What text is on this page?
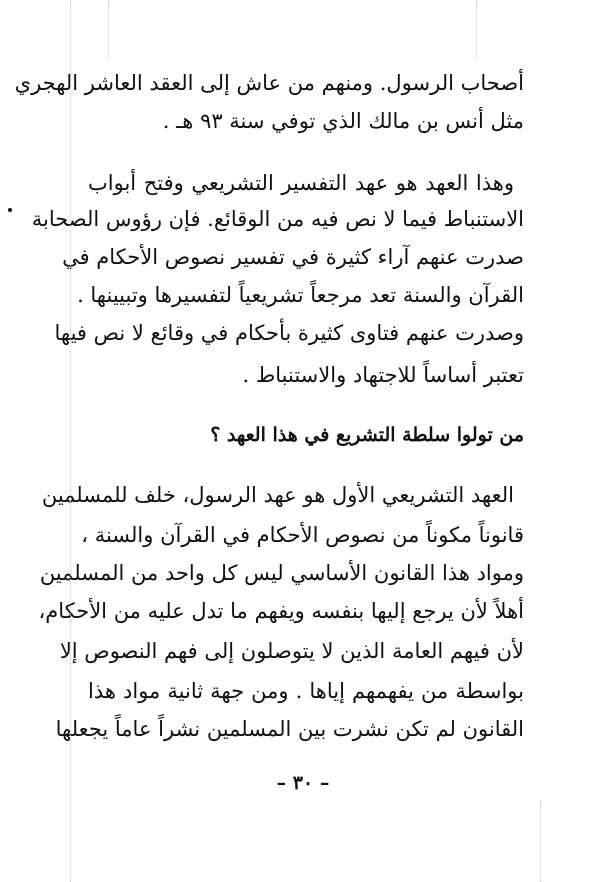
أصحاب الرسول. ومنهم من عاش إلى العقد العاشر الهجري
مثل أنس بن مالك الذي توفي سنة ٩٣ هـ .
وهذا العهد هو عهد التفسير التشريعي وفتح أبواب
الاستنباط فيما لا نص فيه من الوقائع. فإن رؤوس الصحابة
صدرت عنهم آراء كثيرة في تفسير نصوص الأحكام في
القرآن والسنة تعد مرجعاً تشريعياً لتفسيرها وتبيينها .
وصدرت عنهم فتاوى كثيرة بأحكام في وقائع لا نص فيها
تعتبر أساساً للاجتهاد والاستنباط .
من تولوا سلطة التشريع في هذا العهد ؟
العهد التشريعي الأول هو عهد الرسول، خلف للمسلمين
قانوناً مكوناً من نصوص الأحكام في القرآن والسنة ،
ومواد هذا القانون الأساسي ليس كل واحد من المسلمين
أهلاً لأن يرجع إليها بنفسه ويفهم ما تدل عليه من الأحكام،
لأن فيهم العامة الذين لا يتوصلون إلى فهم النصوص إلا
بواسطة من يفهمهم إياها . ومن جهة ثانية مواد هذا
القانون لم تكن نشرت بين المسلمين نشراً عاماً يجعلها
– ٣٠ –
